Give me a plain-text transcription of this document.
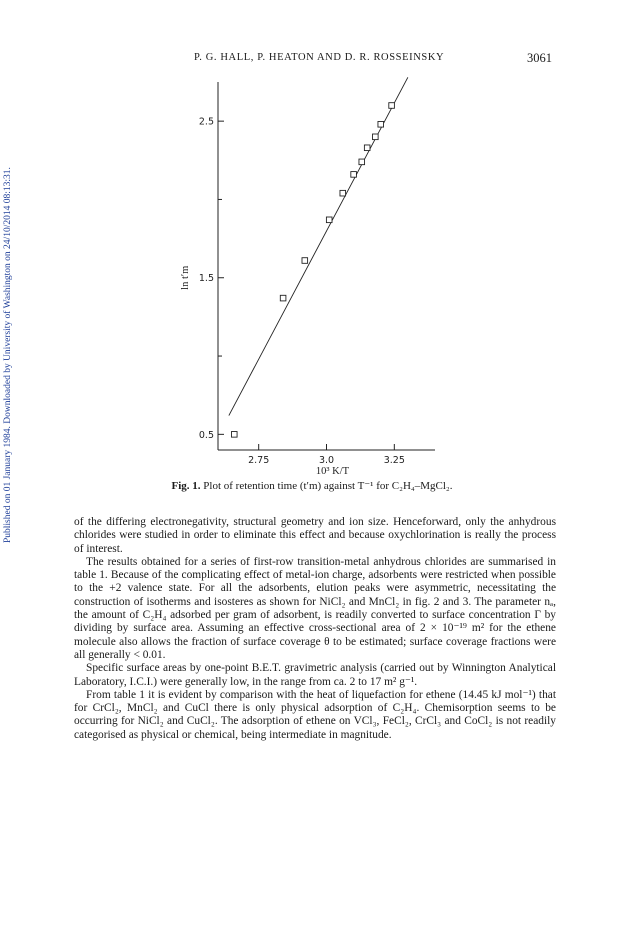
P. G. HALL, P. HEATON AND D. R. ROSSEINSKY	3061
Published on 01 January 1984. Downloaded by University of Washington on 24/10/2014 08:13:31.	0.5
1.5
2.5
2.75	3.0	3.25
10³ K/T
ln t′m
Fig. 1. Plot of retention time (t′m) against T⁻¹ for C₂H₄–MgCl₂.

of the differing electronegativity, structural geometry and ion size. Henceforward, only the anhydrous chlorides were studied in order to eliminate this effect and because oxychlorination is really the process of interest.

The results obtained for a series of first-row transition-metal anhydrous chlorides are summarised in table 1. Because of the complicating effect of metal-ion charge, adsorbents were restricted when possible to the +2 valence state. For all the adsorbents, elution peaks were asymmetric, necessitating the construction of isotherms and isosteres as shown for NiCl₂ and MnCl₂ in fig. 2 and 3. The parameter nₐ, the amount of C₂H₄ adsorbed per gram of adsorbent, is readily converted to surface concentration Γ by dividing by surface area. Assuming an effective cross-sectional area of 2 × 10⁻¹⁹ m² for the ethene molecule also allows the fraction of surface coverage θ to be estimated; surface coverage fractions were all generally < 0.01.

Specific surface areas by one-point B.E.T. gravimetric analysis (carried out by Winnington Analytical Laboratory, I.C.I.) were generally low, in the range from ca. 2 to 17 m² g⁻¹.

From table 1 it is evident by comparison with the heat of liquefaction for ethene (14.45 kJ mol⁻¹) that for CrCl₂, MnCl₂ and CuCl there is only physical adsorption of C₂H₄. Chemisorption seems to be occurring for NiCl₂ and CuCl₂. The adsorption of ethene on VCl₃, FeCl₂, CrCl₃ and CoCl₂ is not readily categorised as physical or chemical, being intermediate in magnitude.
